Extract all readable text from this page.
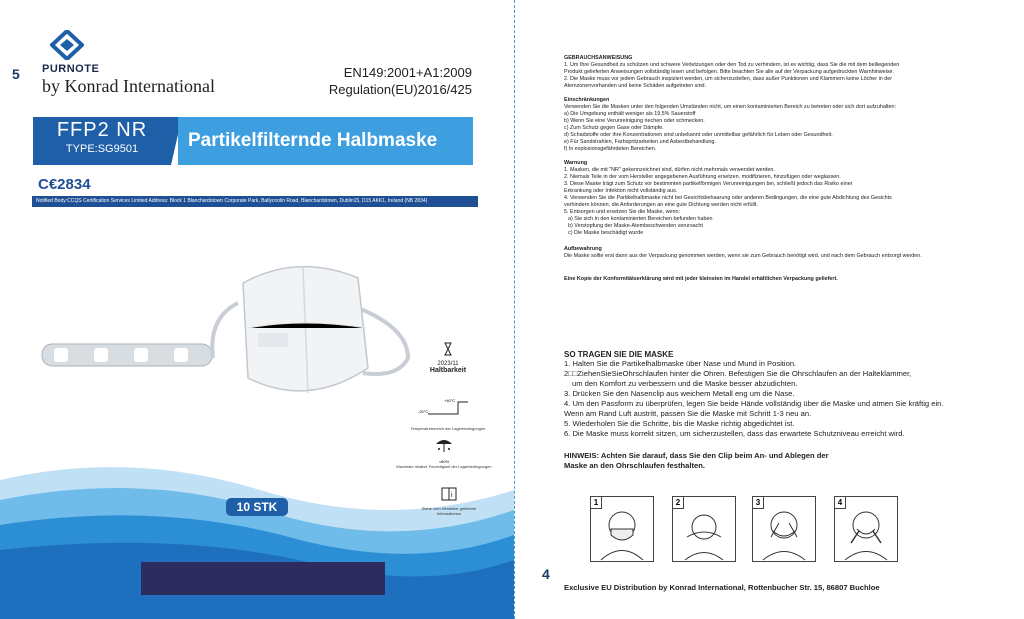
5 PURNOTE
by Konrad International
EN149:2001+A1:2009
Regulation(EU)2016/425
FFP2 NR
TYPE:SG9501	Partikelfilternde Halbmaske
C€2834
Notified Body:CCQS Certification Services Limited Address: Block 1 Blanchardstown Corporate Park, Ballycoolin Road, Blanchardstown, Dublin15, D15 AKK1, Ireland (NB 2834)
2023/11
Haltbarkeit
+40°C
-20°C
Temperaturbereich der Lagerbedingungen
<80%
Maximale relative Feuchtigkeit der Lagerbedingungen
i
Siehe vom Hersteller gelieferte Informationen
10 STK
GEBRAUCHSANWEISUNG
1. Um Ihre Gesundheit zu schützen und schwere Verletzungen oder den Tod zu verhindern, ist es wichtig, dass Sie die mit dem beiliegenden
Produkt gelieferten Anweisungen vollständig lesen und befolgen. Bitte beachten Sie alle auf der Verpackung aufgedruckten Warnhinweise.
2. Die Maske muss vor jedem Gebrauch inspiziert werden, um sicherzustellen, dass außer Punktionen und Klammern keine Löcher in der
Atemzonenvorhanden und keine Schäden aufgetreten sind.
Einschränkungen
Verwenden Sie die Masken unter den folgenden Umständen nicht, um einen kontaminierten Bereich zu betreten oder sich dort aufzuhalten:
a) Die Umgebung enthält weniger als 19,5% Sauerstoff
b) Wenn Sie eine Verunreinigung riechen oder schmecken.
c) Zum Schutz gegen Gase oder Dämpfe.
d) Schadstoffe oder ihre Konzentrationen sind unbekannt oder unmittelbar gefährlich für Leben oder Gesundheit.
e) Für Sandstrahlen, Farbspritzarbeiten und Asbestbehandlung.
f) In explosionsgefährdeten Bereichen.
Warnung
1. Masken, die mit "NR" gekennzeichnet sind, dürfen nicht mehrmals verwendet werden.
2. Niemals Teile in der vom Hersteller angegebenen Ausführung ersetzen, modifizieren, hinzufügen oder weglassen.
3. Diese Maske trägt zum Schutz vor bestimmten partikelförmigen Verunreinigungen bei, schließt jedoch das Risiko einer
Erkrankung oder Infektion nicht vollständig aus.
4. Verwenden Sie die Partikelhalbmaske nicht bei Gesichtsbehaarung oder anderen Bedingungen, die eine gute Abdichtung des Gesichts
verhindern können, die Anforderungen an eine gute Dichtung werden nicht erfüllt.
5. Entsorgen und ersetzen Sie die Maske, wenn:
a) Sie sich in den kontaminierten Bereichen befunden haben
b) Verstopfung der Maske-Atembeschwerden verursacht
c) Die Maske beschädigt wurde
Aufbewahrung
Die Maske sollte erst dann aus der Verpackung genommen werden, wenn sie zum Gebrauch benötigt wird, und nach dem Gebrauch entsorgt werden.
Eine Kopie der Konformitätserklärung wird mit jeder kleinsten im Handel erhältlichen Verpackung geliefert.
SO TRAGEN SIE DIE MASKE
1. Halten Sie die Partikelhalbmaske über Nase und Mund in Position.
2□□ZiehenSieSieOhrschlaufen hinter die Ohren. Befestigen Sie die Ohrschlaufen an der Halteklammer,
um den Komfort zu verbessern und die Maske besser abzudichten.
3. Drücken Sie den Nasenclip aus weichem Metall eng um die Nase.
4. Um den Passform zu überprüfen, legen Sie beide Hände vollständig über die Maske und atmen Sie kräftig ein.
Wenn am Rand Luft austritt, passen Sie die Maske mit Schritt 1-3 neu an.
5. Wiederholen Sie die Schritte, bis die Maske richtig abgedichtet ist.
6. Die Maske muss korrekt sitzen, um sicherzustellen, dass das erwartete Schutzniveau erreicht wird.
HINWEIS: Achten Sie darauf, dass Sie den Clip beim An- und Ablegen der
Maske an den Ohrschlaufen festhalten.
1	2	3	4
4
Exclusive EU Distribution by Konrad International, Rottenbucher Str. 15, 86807 Buchloe
